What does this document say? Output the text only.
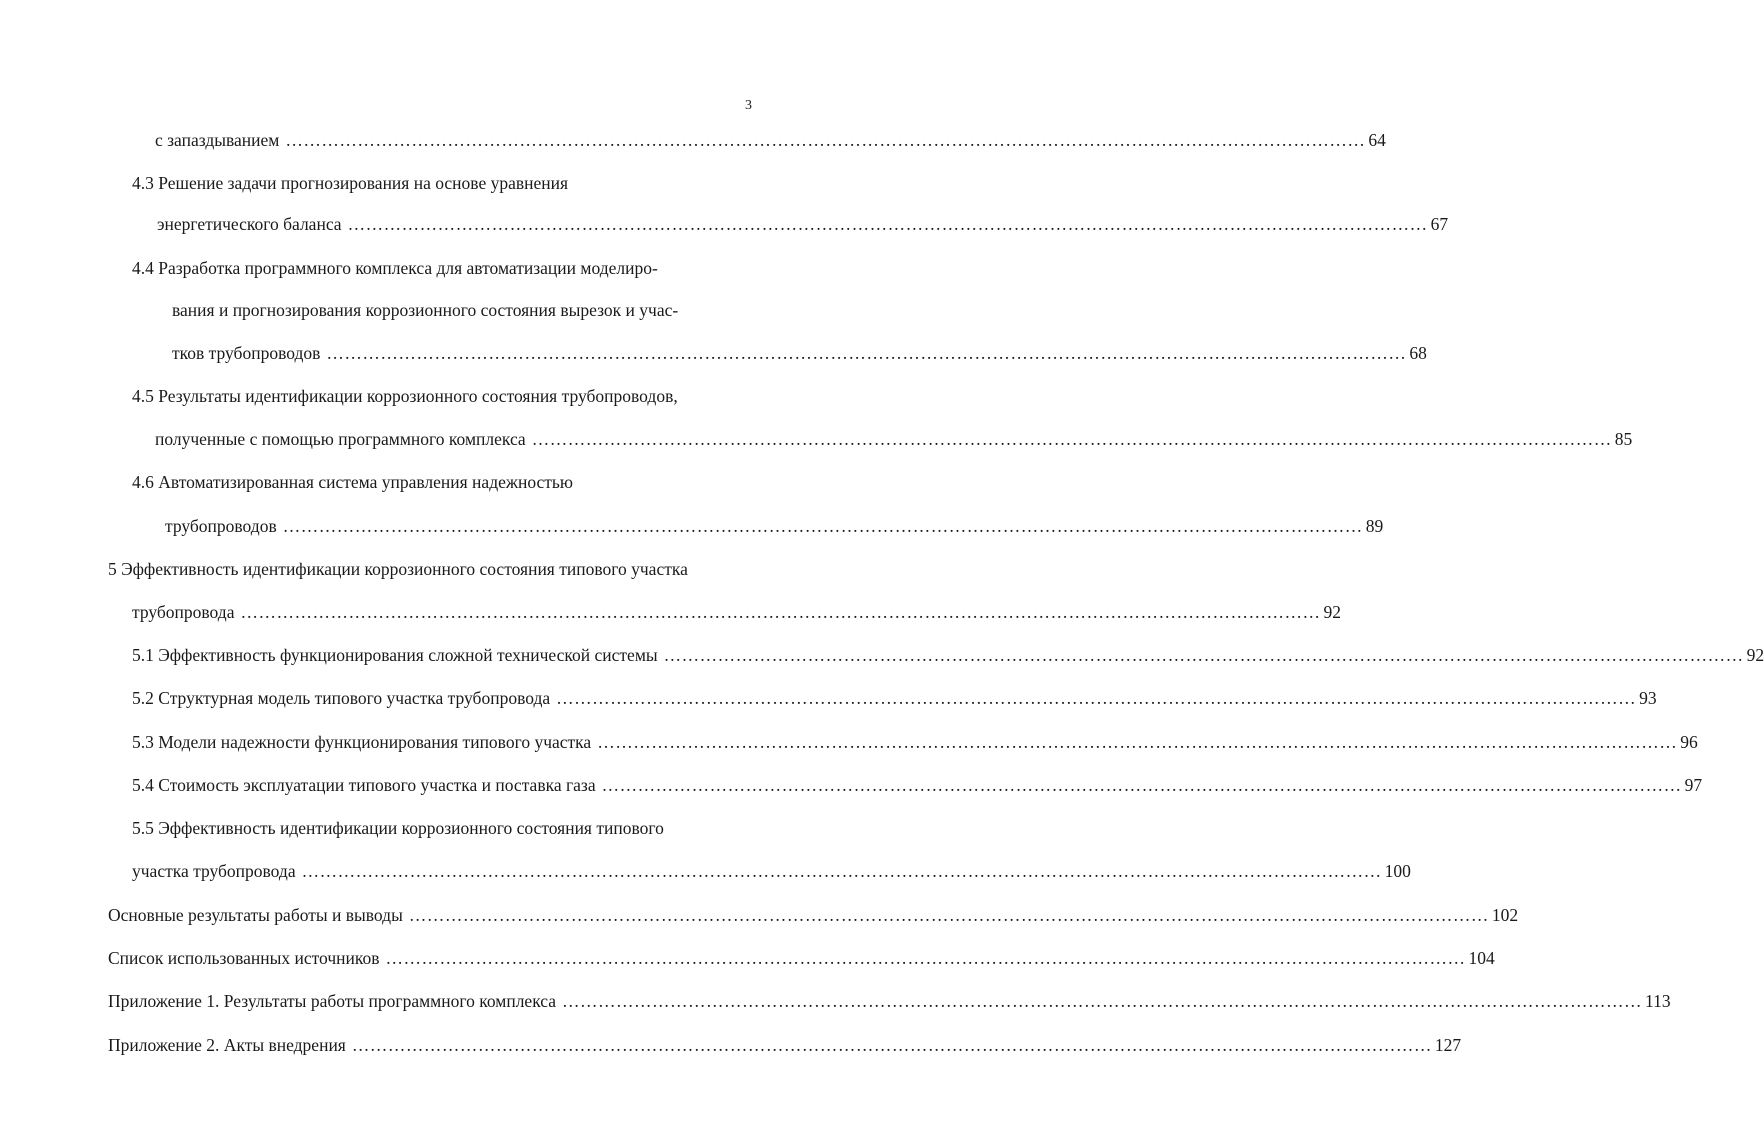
3
с запаздыванием ……………………………………………………………………………………………………………………………………………………………… 64
4.3 Решение задачи прогнозирования на основе уравнения
энергетического баланса ……………………………………………………………………………………………………………………………………………………………… 67
4.4 Разработка программного комплекса для автоматизации моделиро-
вания и прогнозирования коррозионного состояния вырезок и учас-
тков трубопроводов ……………………………………………………………………………………………………………………………………………………………… 68
4.5 Результаты идентификации коррозионного состояния трубопроводов,
полученные с помощью программного комплекса ……………………………………………………………………………………………………………………………………………………………… 85
4.6 Автоматизированная система управления надежностью
трубопроводов ……………………………………………………………………………………………………………………………………………………………… 89
5 Эффективность идентификации коррозионного состояния типового участка
трубопровода ……………………………………………………………………………………………………………………………………………………………… 92
5.1 Эффективность функционирования сложной технической системы ……………………………………………………………………………………………………………………………………………………………… 92
5.2 Структурная модель типового участка трубопровода ……………………………………………………………………………………………………………………………………………………………… 93
5.3 Модели надежности функционирования типового участка ……………………………………………………………………………………………………………………………………………………………… 96
5.4 Стоимость эксплуатации типового участка и поставка газа ……………………………………………………………………………………………………………………………………………………………… 97
5.5 Эффективность идентификации коррозионного состояния типового
участка трубопровода ……………………………………………………………………………………………………………………………………………………………… 100
Основные результаты работы и выводы ……………………………………………………………………………………………………………………………………………………………… 102
Список использованных источников ……………………………………………………………………………………………………………………………………………………………… 104
Приложение 1. Результаты работы программного комплекса ……………………………………………………………………………………………………………………………………………………………… 113
Приложение 2. Акты внедрения ……………………………………………………………………………………………………………………………………………………………… 127
